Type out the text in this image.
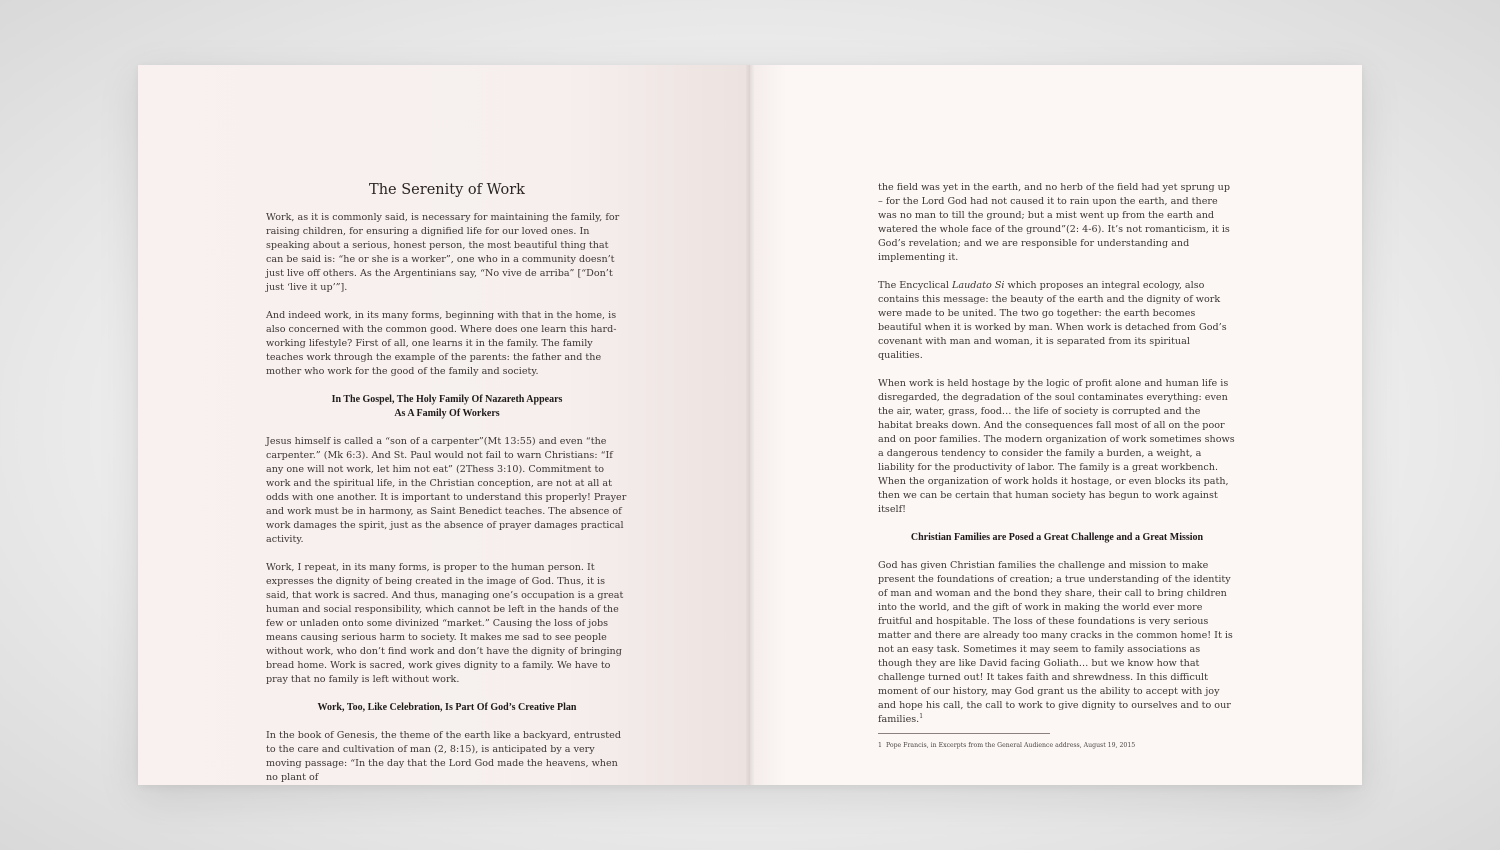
The Serenity of Work

Work, as it is commonly said, is necessary for maintaining the family, for raising children, for ensuring a dignified life for our loved ones. In speaking about a serious, honest person, the most beautiful thing that can be said is: “he or she is a worker”, one who in a community doesn’t just live off others. As the Argentinians say, “No vive de arriba” [“Don’t just ‘live it up’”].

And indeed work, in its many forms, beginning with that in the home, is also concerned with the common good. Where does one learn this hard-working lifestyle? First of all, one learns it in the family. The family teaches work through the example of the parents: the father and the mother who work for the good of the family and society.

In The Gospel, The Holy Family Of Nazareth Appears
As A Family Of Workers

Jesus himself is called a “son of a carpenter”(Mt 13:55) and even “the carpenter.” (Mk 6:3). And St. Paul would not fail to warn Christians: “If any one will not work, let him not eat” (2Thess 3:10). Commitment to work and the spiritual life, in the Christian conception, are not at all at odds with one another. It is important to understand this properly! Prayer and work must be in harmony, as Saint Benedict teaches. The absence of work damages the spirit, just as the absence of prayer damages practical activity.

Work, I repeat, in its many forms, is proper to the human person. It expresses the dignity of being created in the image of God. Thus, it is said, that work is sacred. And thus, managing one’s occupation is a great human and social responsibility, which cannot be left in the hands of the few or unladen onto some divinized “market.” Causing the loss of jobs means causing serious harm to society. It makes me sad to see people without work, who don’t find work and don’t have the dignity of bringing bread home. Work is sacred, work gives dignity to a family. We have to pray that no family is left without work.

Work, Too, Like Celebration, Is Part Of God’s Creative Plan

In the book of Genesis, the theme of the earth like a backyard, entrusted to the care and cultivation of man (2, 8:15), is anticipated by a very moving passage: “In the day that the Lord God made the heavens, when no plant of

the field was yet in the earth, and no herb of the field had yet sprung up – for the Lord God had not caused it to rain upon the earth, and there was no man to till the ground; but a mist went up from the earth and watered the whole face of the ground”(2: 4-6). It’s not romanticism, it is God’s revelation; and we are responsible for understanding and implementing it.

The Encyclical Laudato Si which proposes an integral ecology, also contains this message: the beauty of the earth and the dignity of work were made to be united. The two go together: the earth becomes beautiful when it is worked by man. When work is detached from God’s covenant with man and woman, it is separated from its spiritual qualities.

When work is held hostage by the logic of profit alone and human life is disregarded, the degradation of the soul contaminates everything: even the air, water, grass, food… the life of society is corrupted and the habitat breaks down. And the consequences fall most of all on the poor and on poor families. The modern organization of work sometimes shows a dangerous tendency to consider the family a burden, a weight, a liability for the productivity of labor. The family is a great workbench. When the organization of work holds it hostage, or even blocks its path, then we can be certain that human society has begun to work against itself!

Christian Families are Posed a Great Challenge and a Great Mission

God has given Christian families the challenge and mission to make present the foundations of creation; a true understanding of the identity of man and woman and the bond they share, their call to bring children into the world, and the gift of work in making the world ever more fruitful and hospitable. The loss of these foundations is very serious matter and there are already too many cracks in the common home! It is not an easy task. Sometimes it may seem to family associations as though they are like David facing Goliath… but we know how that challenge turned out! It takes faith and shrewdness. In this difficult moment of our history, may God grant us the ability to accept with joy and hope his call, the call to work to give dignity to ourselves and to our families.$^1$

1 Pope Francis, in Excerpts from the General Audience address, August 19, 2015
